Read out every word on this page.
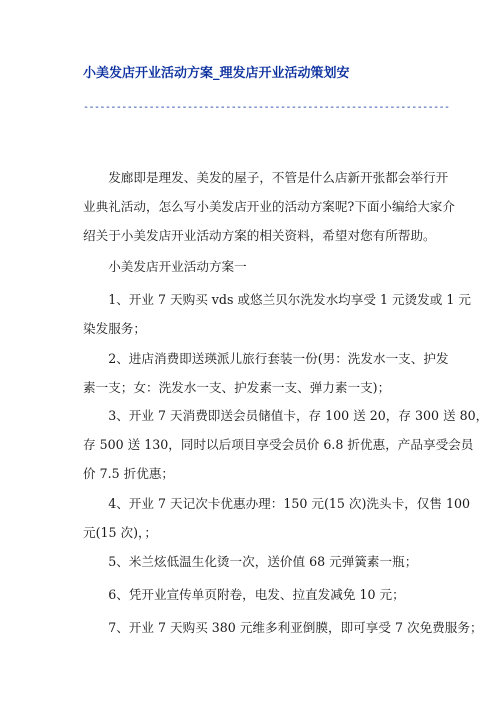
小美发店开业活动方案_理发店开业活动策划安
-------------------------------------------------------------------
　　发廊即是理发、美发的屋子，不管是什么店新开张都会举行开
业典礼活动，怎么写小美发店开业的活动方案呢?下面小编给大家介
绍关于小美发店开业活动方案的相关资料，希望对您有所帮助。
　　小美发店开业活动方案一
　　1、开业 7 天购买 vds 或悠兰贝尔洗发水均享受 1 元烫发或 1 元
染发服务；
　　2、进店消费即送瑛派儿旅行套装一份(男：洗发水一支、护发
素一支；女：洗发水一支、护发素一支、弹力素一支)；
　　3、开业 7 天消费即送会员储值卡，存 100 送 20，存 300 送 80，
存 500 送 130，同时以后项目享受会员价 6.8 折优惠，产品享受会员
价 7.5 折优惠；
　　4、开业 7 天记次卡优惠办理：150 元(15 次)洗头卡，仅售 100
元(15 次)，；
　　5、米兰炫低温生化烫一次，送价值 68 元弹簧素一瓶；
　　6、凭开业宣传单页附卷，电发、拉直发减免 10 元；
　　7、开业 7 天购买 380 元维多利亚倒膜，即可享受 7 次免费服务；
